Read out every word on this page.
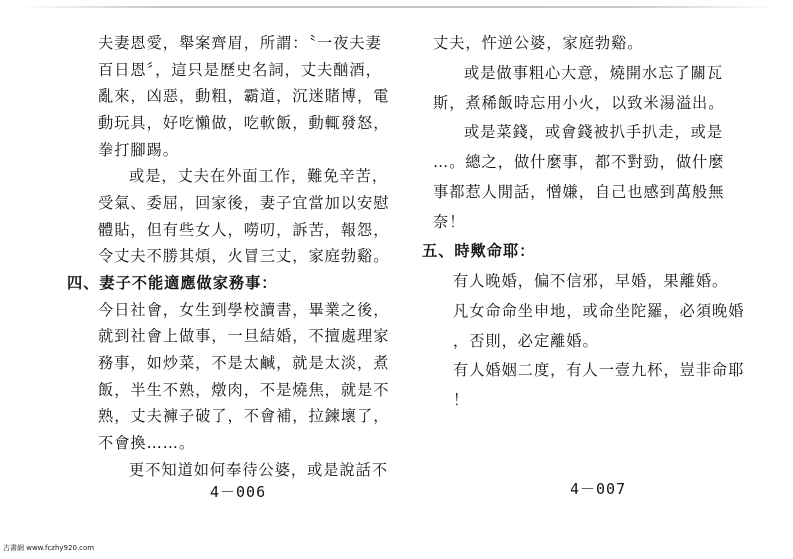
夫妻恩愛，舉案齊眉，所謂：〝一夜夫妻
百日恩〞，這只是歷史名詞，丈夫酗酒，
亂來，凶惡，動粗，霸道，沉迷賭博，電
動玩具，好吃懶做，吃軟飯，動輒發怒，
拳打腳踢。
或是，丈夫在外面工作，難免辛苦，
受氣、委屈，回家後，妻子宜當加以安慰
體貼，但有些女人，嘮叨，訴苦，報怨，
令丈夫不勝其煩，火冒三丈，家庭勃谿。
四、妻子不能適應做家務事：
今日社會，女生到學校讀書，畢業之後，
就到社會上做事，一旦結婚，不擅處理家
務事，如炒菜，不是太鹹，就是太淡，煮
飯，半生不熟，燉肉，不是燒焦，就是不
熟，丈夫褲子破了，不會補，拉鍊壞了，
不會換……。
更不知道如何奉待公婆，或是說話不
丈夫，忤逆公婆，家庭勃谿。
或是做事粗心大意，燒開水忘了關瓦
斯，煮稀飯時忘用小火，以致米湯溢出。
或是菜錢，或會錢被扒手扒走，或是
…。總之，做什麼事，都不對勁，做什麼
事都惹人閒話，憎嫌，自己也感到萬般無
奈！
五、時歟命耶：
有人晚婚，偏不信邪，早婚，果離婚。
凡女命命坐申地，或命坐陀羅，必須晚婚
，否則，必定離婚。
有人婚姻二度，有人一壹九杯，豈非命耶
！
4－006	4－007
古書網 www.fczhy920.com
